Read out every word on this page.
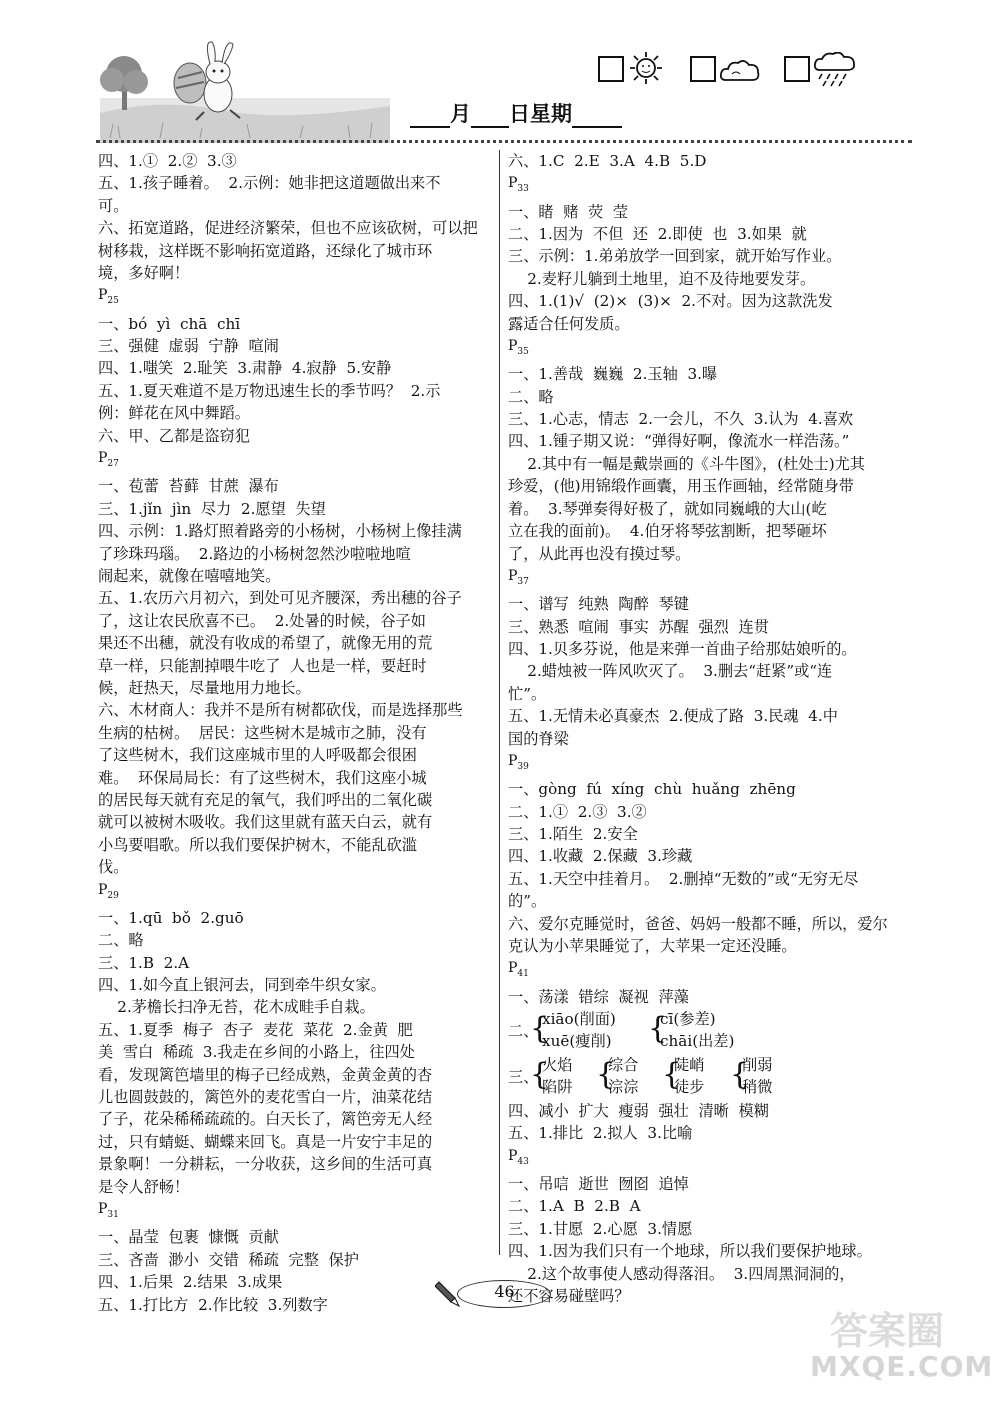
月 日星期
四、1.①  2.②  3.③
五、1.孩子睡着。  2.示例：她非把这道题做出来不
可。
六、拓宽道路，促进经济繁荣，但也不应该砍树，可以把
树移栽，这样既不影响拓宽道路，还绿化了城市环
境，多好啊！
$P_{25}$
一、bó  yì  chā  chī
三、强健  虚弱  宁静  喧闹
四、1.嗤笑  2.耻笑  3.肃静  4.寂静  5.安静
五、1.夏天难道不是万物迅速生长的季节吗？  2.示
例：鲜花在风中舞蹈。
六、甲、乙都是盗窃犯
$P_{27}$
一、苞蕾  苔藓  甘蔗  瀑布
三、1.jǐn  jìn  尽力  2.愿望  失望
四、示例：1.路灯照着路旁的小杨树，小杨树上像挂满
了珍珠玛瑙。  2.路边的小杨树忽然沙啦啦地喧
闹起来，就像在嘻嘻地笑。
五、1.农历六月初六，到处可见齐腰深，秀出穗的谷子
了，这让农民欣喜不已。  2.处暑的时候，谷子如
果还不出穗，就没有收成的希望了，就像无用的荒
草一样，只能割掉喂牛吃了  人也是一样，要赶时
候，赶热天，尽量地用力地长。
六、木材商人：我并不是所有树都砍伐，而是选择那些
生病的枯树。  居民：这些树木是城市之肺，没有
了这些树木，我们这座城市里的人呼吸都会很困
难。  环保局局长：有了这些树木，我们这座小城
的居民每天就有充足的氧气，我们呼出的二氧化碳
就可以被树木吸收。我们这里就有蓝天白云，就有
小鸟要唱歌。所以我们要保护树木，不能乱砍滥
伐。
$P_{29}$
一、1.qū  bǒ  2.guō
二、略
三、1.B  2.A
四、1.如今直上银河去，同到牵牛织女家。
2.茅檐长扫净无苔，花木成畦手自栽。
五、1.夏季  梅子  杏子  麦花  菜花  2.金黄  肥
美  雪白  稀疏  3.我走在乡间的小路上，往四处
看，发现篱笆墙里的梅子已经成熟，金黄金黄的杏
儿也圆鼓鼓的，篱笆外的麦花雪白一片，油菜花结
了子，花朵稀稀疏疏的。白天长了，篱笆旁无人经
过，只有蜻蜓、蝴蝶来回飞。真是一片安宁丰足的
景象啊！一分耕耘，一分收获，这乡间的生活可真
是令人舒畅！
$P_{31}$
一、晶莹  包裹  慷慨  贡献
三、吝啬  渺小  交错  稀疏  完整  保护
四、1.后果  2.结果  3.成果
五、1.打比方  2.作比较  3.列数字
六、1.C  2.E  3.A  4.B  5.D
$P_{33}$
一、睹  赌  荧  莹
二、1.因为  不但  还  2.即使  也  3.如果  就
三、示例：1.弟弟放学一回到家，就开始写作业。
2.麦籽儿躺到土地里，迫不及待地要发芽。
四、1.(1)√  (2)×  (3)×  2.不对。因为这款洗发
露适合任何发质。
$P_{35}$
一、1.善哉  巍巍  2.玉轴  3.曝
二、略
三、1.心志，情志  2.一会儿，不久  3.认为  4.喜欢
四、1.锺子期又说：“弹得好啊，像流水一样浩荡。”
2.其中有一幅是戴崇画的《斗牛图》，(杜处士)尤其
珍爱，(他)用锦缎作画囊，用玉作画轴，经常随身带
着。  3.琴弹奏得好极了，就如同巍峨的大山(屹
立在我的面前)。  4.伯牙将琴弦割断，把琴砸坏
了，从此再也没有摸过琴。
$P_{37}$
一、谱写  纯熟  陶醉  琴键
三、熟悉  喧闹  事实  苏醒  强烈  连贯
四、1.贝多芬说，他是来弹一首曲子给那姑娘听的。
2.蜡烛被一阵风吹灭了。  3.删去“赶紧”或“连
忙”。
五、1.无情未必真豪杰  2.便成了路  3.民魂  4.中
国的脊梁
$P_{39}$
一、gòng  fú  xíng  chù  huǎng  zhēng
二、1.①  2.③  3.②
三、1.陌生  2.安全
四、1.收藏  2.保藏  3.珍藏
五、1.天空中挂着月。  2.删掉“无数的”或“无穷无尽
的”。
六、爱尔克睡觉时，爸爸、妈妈一般都不睡，所以，爱尔
克认为小苹果睡觉了，大苹果一定还没睡。
$P_{41}$
一、荡漾  错综  凝视  萍藻
二、
{
xiāo(削面)
xuē(瘦削) {
cī(参差)
chāi(出差)
三、
{
火焰
陷阱 {
综合
淙淙 {
陡峭
徒步 {
削弱
稍微
四、减小  扩大  瘦弱  强壮  清晰  模糊
五、1.排比  2.拟人  3.比喻
$P_{43}$
一、吊唁  逝世  囫囵  追悼
二、1.A  B  2.B  A
三、1.甘愿  2.心愿  3.情愿
四、1.因为我们只有一个地球，所以我们要保护地球。
2.这个故事使人感动得落泪。  3.四周黑洞洞的，
还不容易碰壁吗？
46
答案圈
MXQE.COM
